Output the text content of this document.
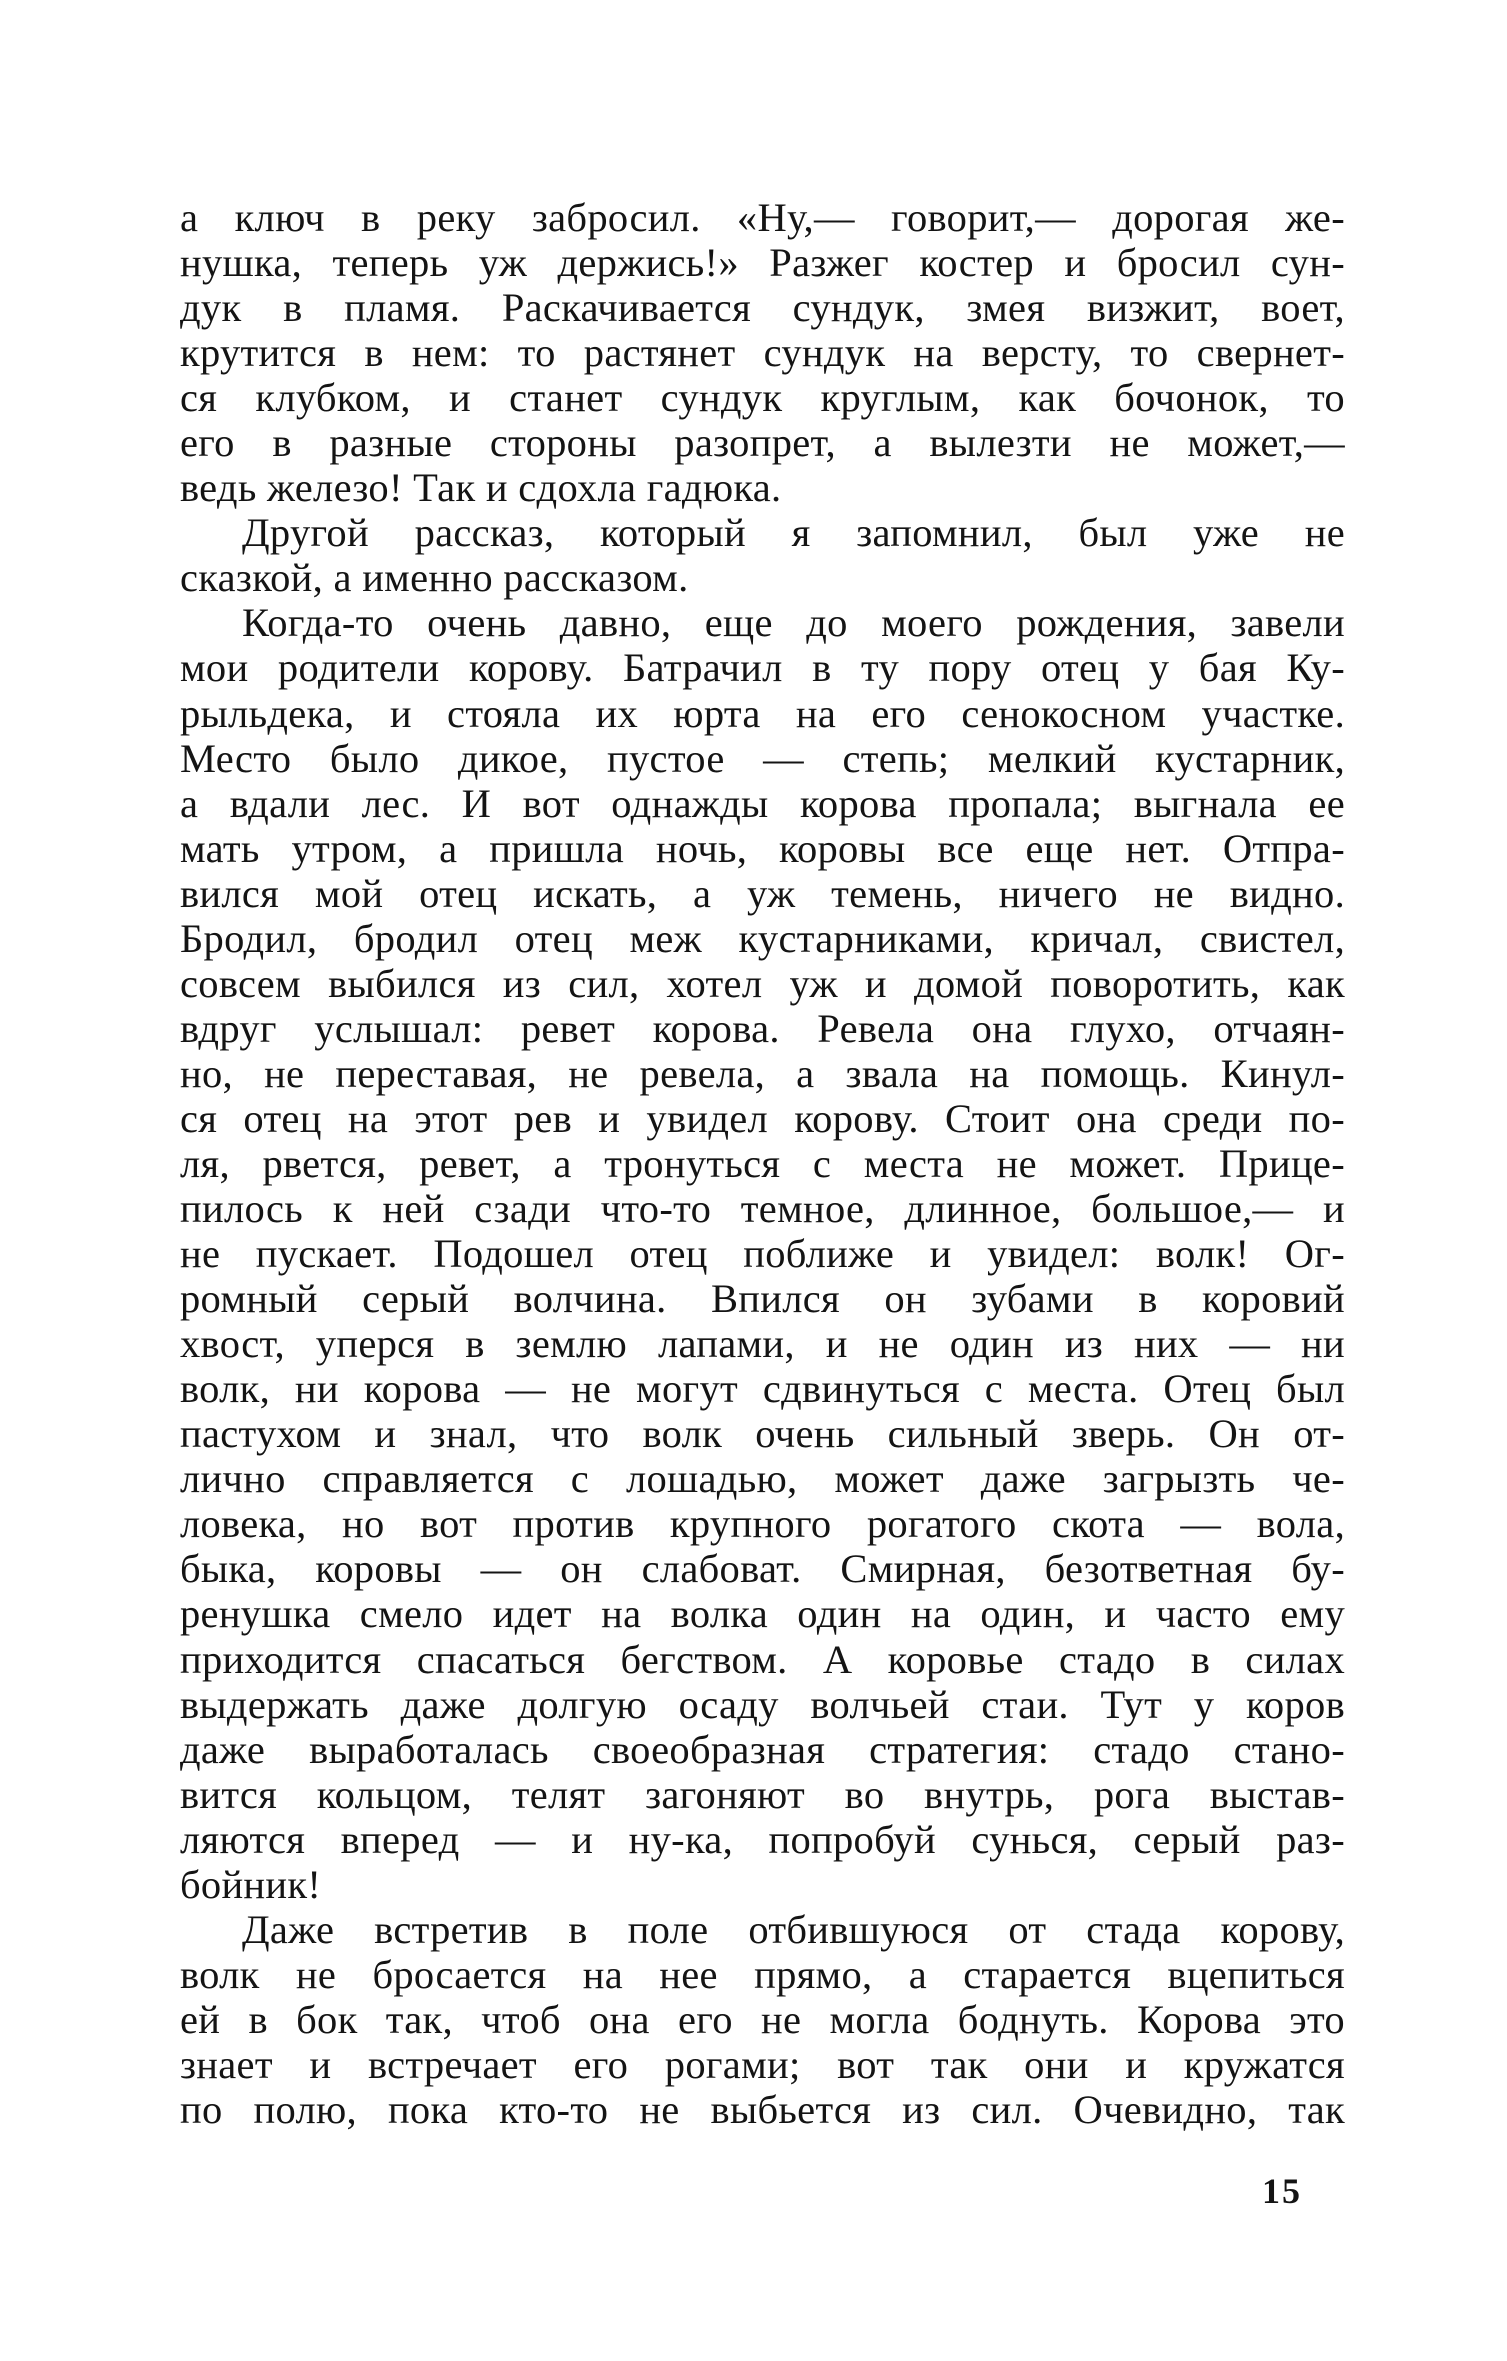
а ключ в реку забросил. «Ну,— говорит,— дорогая же-
нушка, теперь уж держись!» Разжег костер и бросил сун-
дук в пламя. Раскачивается сундук, змея визжит, воет,
крутится в нем: то растянет сундук на версту, то свернет-
ся клубком, и станет сундук круглым, как бочонок, то
его в разные стороны разопрет, а вылезти не может,—
ведь железо! Так и сдохла гадюка.
Другой рассказ, который я запомнил, был уже не
сказкой, а именно рассказом.
Когда-то очень давно, еще до моего рождения, завели
мои родители корову. Батрачил в ту пору отец у бая Ку-
рыльдека, и стояла их юрта на его сенокосном участке.
Место было дикое, пустое — степь; мелкий кустарник,
а вдали лес. И вот однажды корова пропала; выгнала ее
мать утром, а пришла ночь, коровы все еще нет. Отпра-
вился мой отец искать, а уж темень, ничего не видно.
Бродил, бродил отец меж кустарниками, кричал, свистел,
совсем выбился из сил, хотел уж и домой поворотить, как
вдруг услышал: ревет корова. Ревела она глухо, отчаян-
но, не переставая, не ревела, а звала на помощь. Кинул-
ся отец на этот рев и увидел корову. Стоит она среди по-
ля, рвется, ревет, а тронуться с места не может. Прице-
пилось к ней сзади что-то темное, длинное, большое,— и
не пускает. Подошел отец поближе и увидел: волк! Ог-
ромный серый волчина. Впился он зубами в коровий
хвост, уперся в землю лапами, и не один из них — ни
волк, ни корова — не могут сдвинуться с места. Отец был
пастухом и знал, что волк очень сильный зверь. Он от-
лично справляется с лошадью, может даже загрызть че-
ловека, но вот против крупного рогатого скота — вола,
быка, коровы — он слабоват. Смирная, безответная бу-
ренушка смело идет на волка один на один, и часто ему
приходится спасаться бегством. А коровье стадо в силах
выдержать даже долгую осаду волчьей стаи. Тут у коров
даже выработалась своеобразная стратегия: стадо стано-
вится кольцом, телят загоняют во внутрь, рога выстав-
ляются вперед — и ну-ка, попробуй сунься, серый раз-
бойник!
Даже встретив в поле отбившуюся от стада корову,
волк не бросается на нее прямо, а старается вцепиться
ей в бок так, чтоб она его не могла боднуть. Корова это
знает и встречает его рогами; вот так они и кружатся
по полю, пока кто-то не выбьется из сил. Очевидно, так
15
